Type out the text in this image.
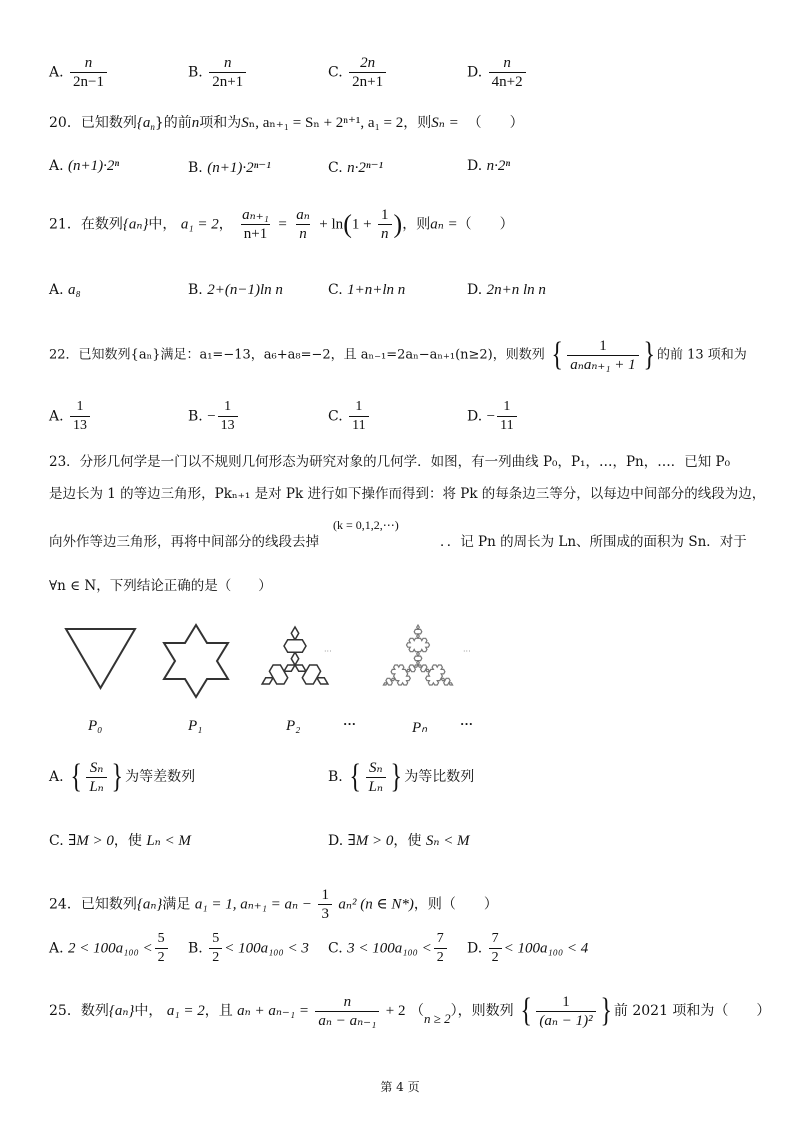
A. $\frac{n}{2n-1}$	B. $\frac{n}{2n+1}$	C. $\frac{2n}{2n+1}$	D. $\frac{n}{4n+2}$
20．已知数列$\{a_n\}$的前n项和为Sₙ, aₙ₊₁ = Sₙ + 2ⁿ⁺¹, a₁ = 2，则Sₙ = （　　）
A. (n+1)·2ⁿ	B. (n+1)·2ⁿ⁻¹	C. n·2ⁿ⁻¹	D. n·2ⁿ
21．在数列{aₙ}中， a₁ = 2， $\frac{\text{aₙ₊₁}}{n+1} = \frac{\text{aₙ}}{n} + \ln(1 + \frac{1}{n}$ )，则aₙ =（　　）
A. a₈	B. 2+(n−1)ln n	C. 1+n+ln n	D. 2n+n ln n
22．已知数列{aₙ}满足：a₁=−13，a₆+a₈=−2，且 aₙ₋₁=2aₙ−aₙ₊₁(n≥2)，则数列 { $\frac{1}{\text{aₙaₙ₊₁ + 1}}$ } 的前 13 项和为
A. $\frac{1}{13}$	B. − $\frac{1}{13}$	C. $\frac{1}{11}$	D. − $\frac{1}{11}$
23．分形几何学是一门以不规则几何形态为研究对象的几何学．如图，有一列曲线 P₀，P₁，…，Pn，…．已知 P₀
是边长为 1 的等边三角形，Pkₙ₊₁ 是对 Pk 进行如下操作而得到：将 Pk 的每条边三等分，以每边中间部分的线段为边，
(k = 0,1,2,⋯)
向外作等边三角形，再将中间部分的线段去掉	．．记 Pn 的周长为 Ln、所围成的面积为 Sn．对于
∀n ∈ N，下列结论正确的是（　　）
···	···
P₀	P₁	P₂	···	Pₙ	···
A. { $\frac{\text{Sₙ}}{\text{Lₙ}}$ } 为等差数列	B. { $\frac{\text{Sₙ}}{\text{Lₙ}}$ } 为等比数列
C. ∃M > 0，使 Lₙ < M	D. ∃M > 0，使 Sₙ < M
24．已知数列{aₙ}满足 a₁ = 1, $a_{n+1} = a_n - \frac{1}{3} a_n^2$ (n ∈ N*)，则（　　）
A. $2 < 100a_{100} < \frac{5}{2} B$. $\frac{5}{2} < 100a_{100} < 3$ C. $3 < 100a_{100} < \frac{7}{2} D$. $\frac{7}{2} < 100a_{100} < 4$
25．数列{aₙ}中， a₁ = 2，且 $a_n + a_{n-1} = \frac{n}{\text{aₙ − aₙ₋₁}} + 2$ （n ≥ 2），则数列 { $\frac{1}{\text{(aₙ − 1)²}}$ } 前 2021 项和为（　　）
第 4 页
